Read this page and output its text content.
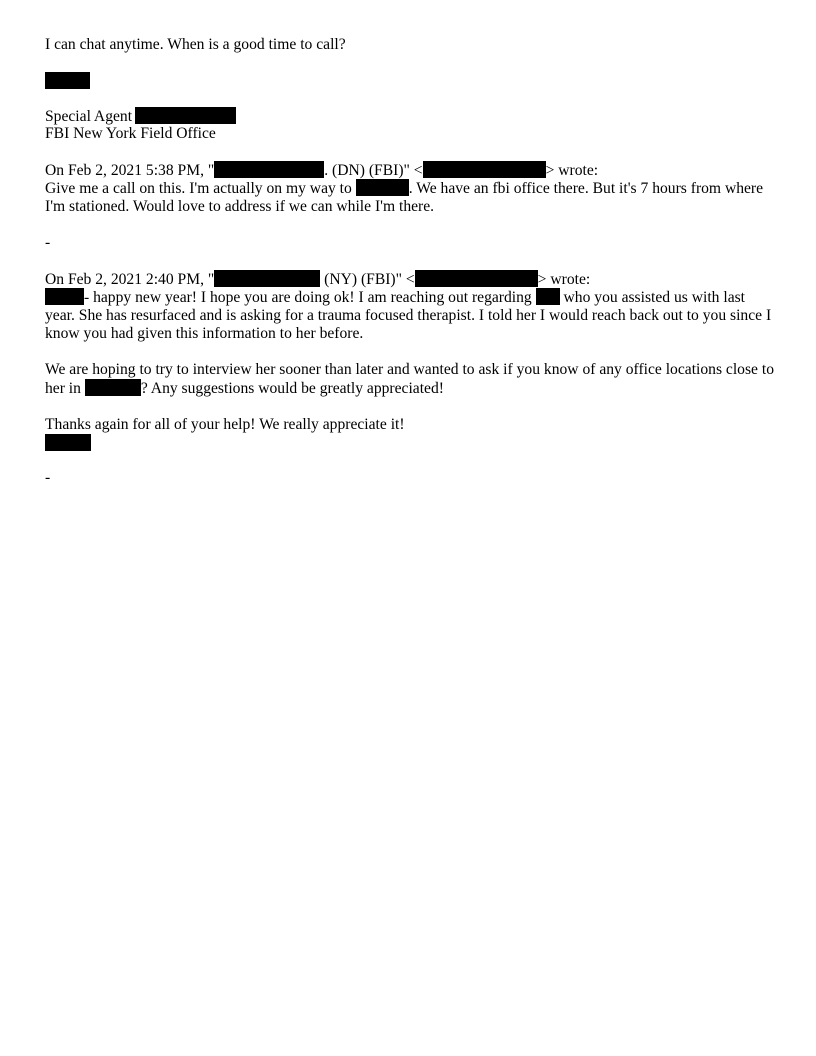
I can chat anytime. When is a good time to call?
Special Agent
FBI New York Field Office
On Feb 2, 2021 5:38 PM, "	. (DN) (FBI)" <	> wrote:
Give me a call on this. I'm actually on my way to	. We have an fbi office there. But it's 7 hours from where I'm stationed. Would love to address if we can while I'm there.
-
On Feb 2, 2021 2:40 PM, "	(NY) (FBI)" <	> wrote:
- happy new year! I hope you are doing ok! I am reaching out regarding  who you assisted us with last year. She has resurfaced and is asking for a trauma focused therapist. I told her I would reach back out to you since I know you had given this information to her before.
We are hoping to try to interview her sooner than later and wanted to ask if you know of any office locations close to her in	? Any suggestions would be greatly appreciated!
Thanks again for all of your help! We really appreciate it!
-
